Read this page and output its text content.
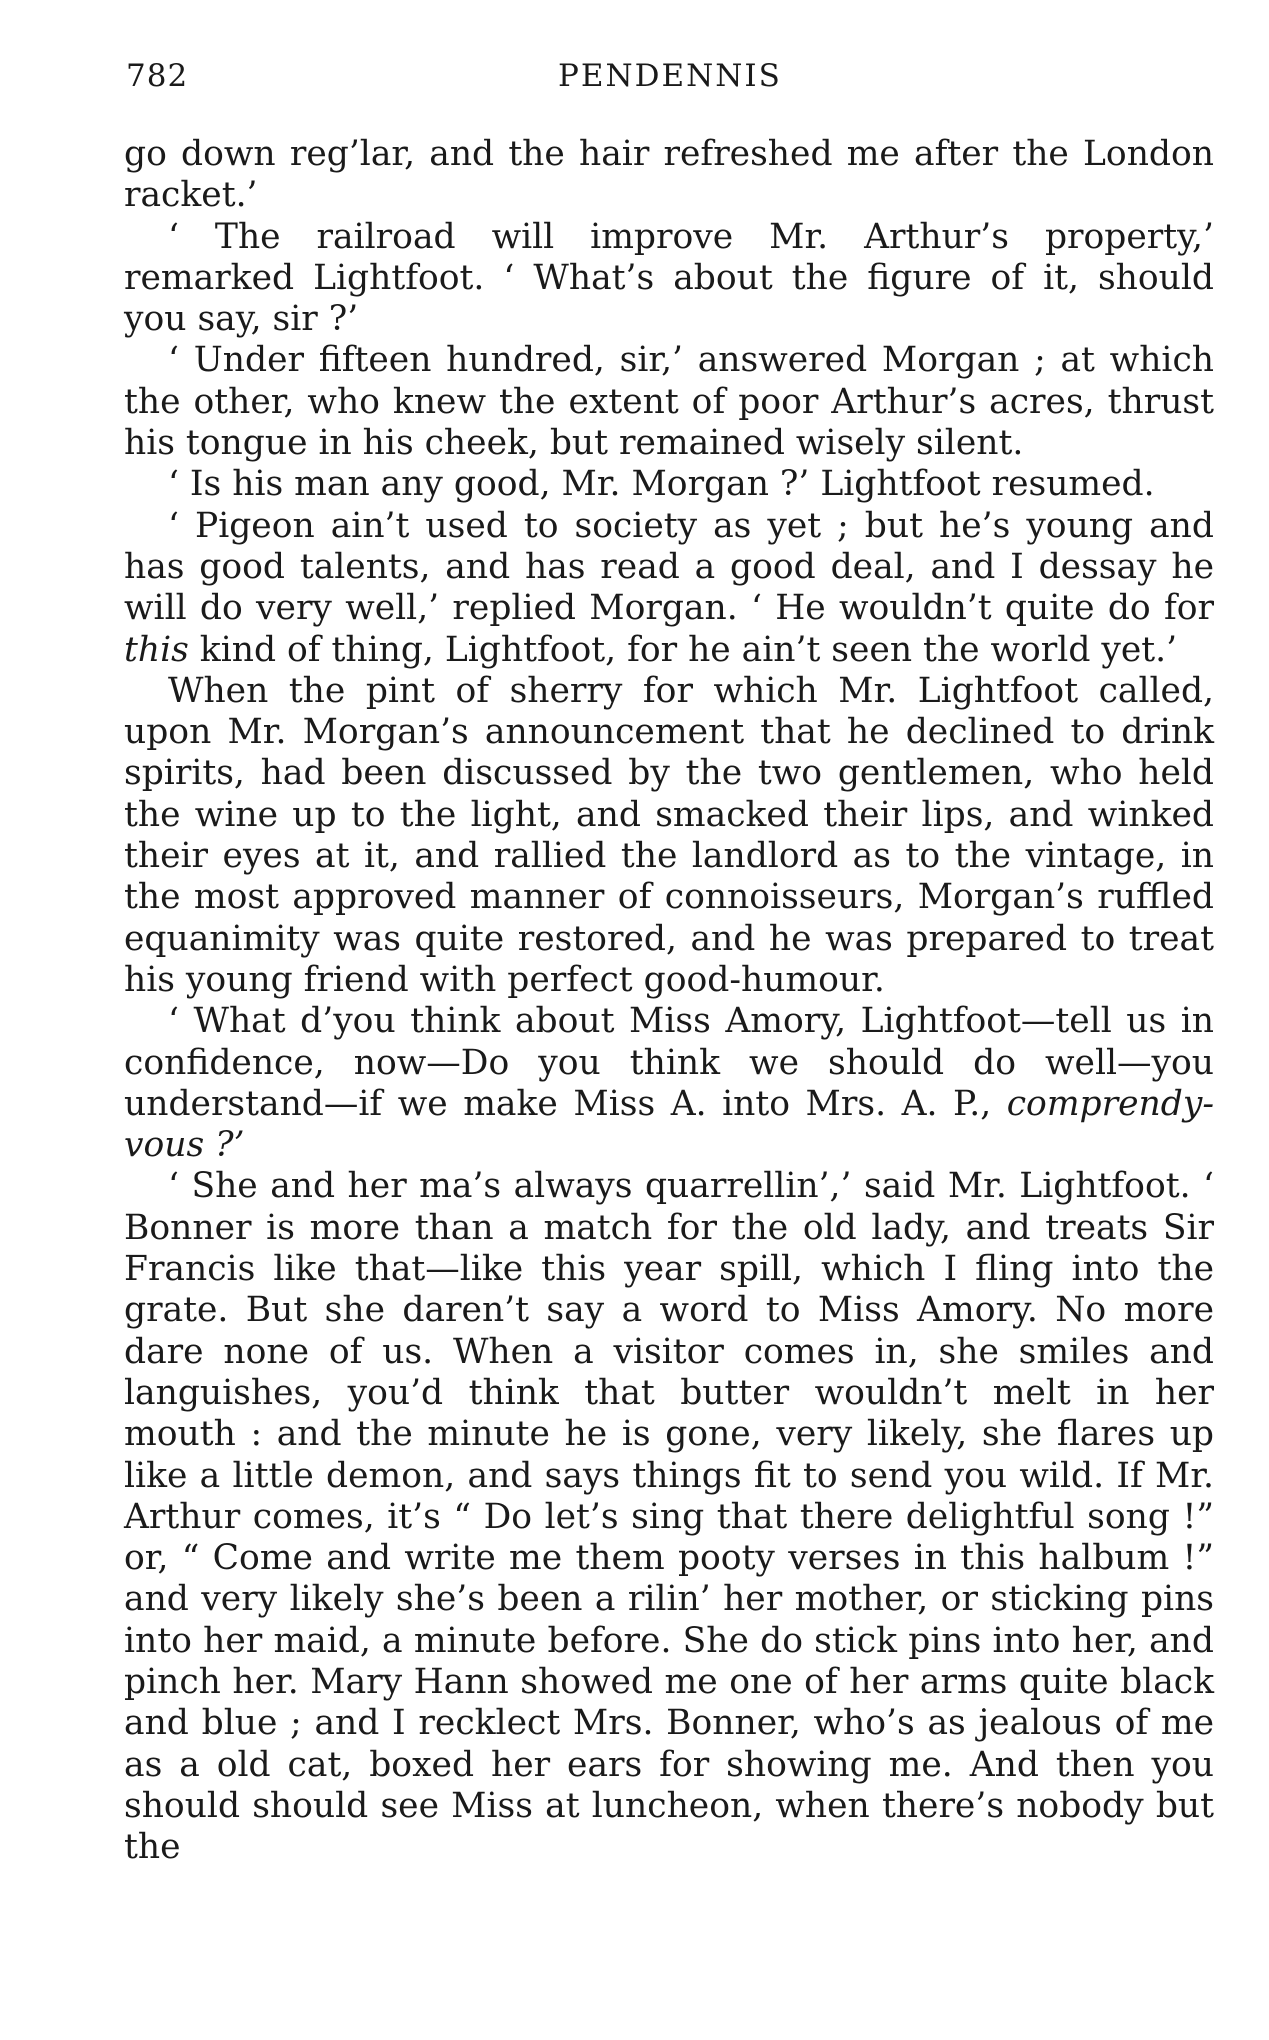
782	PENDENNIS

go down reg’lar, and the hair refreshed me after the London racket.’

‘ The railroad will improve Mr. Arthur’s property,’ remarked Lightfoot. ‘ What’s about the figure of it, should you say, sir ?’

‘ Under fifteen hundred, sir,’ answered Morgan ; at which the other, who knew the extent of poor Arthur’s acres, thrust his tongue in his cheek, but remained wisely silent.

‘ Is his man any good, Mr. Morgan ?’ Lightfoot resumed.

‘ Pigeon ain’t used to society as yet ; but he’s young and has good talents, and has read a good deal, and I dessay he will do very well,’ replied Morgan. ‘ He wouldn’t quite do for this kind of thing, Lightfoot, for he ain’t seen the world yet.’

When the pint of sherry for which Mr. Lightfoot called, upon Mr. Morgan’s announcement that he declined to drink spirits, had been discussed by the two gentlemen, who held the wine up to the light, and smacked their lips, and winked their eyes at it, and rallied the landlord as to the vintage, in the most approved manner of connoisseurs, Morgan’s ruffled equanimity was quite restored, and he was prepared to treat his young friend with perfect good-humour.

‘ What d’you think about Miss Amory, Lightfoot—tell us in confidence, now—Do you think we should do well—you understand—if we make Miss A. into Mrs. A. P., comprendy-vous ?’

‘ She and her ma’s always quarrellin’,’ said Mr. Lightfoot. ‘ Bonner is more than a match for the old lady, and treats Sir Francis like that—like this year spill, which I fling into the grate. But she daren’t say a word to Miss Amory. No more dare none of us. When a visitor comes in, she smiles and languishes, you’d think that butter wouldn’t melt in her mouth : and the minute he is gone, very likely, she flares up like a little demon, and says things fit to send you wild. If Mr. Arthur comes, it’s “ Do let’s sing that there delightful song !” or, “ Come and write me them pooty verses in this halbum !” and very likely she’s been a rilin’ her mother, or sticking pins into her maid, a minute before. She do stick pins into her, and pinch her. Mary Hann showed me one of her arms quite black and blue ; and I recklect Mrs. Bonner, who’s as jealous of me as a old cat, boxed her ears for showing me. And then you should should see Miss at luncheon, when there’s nobody but the
